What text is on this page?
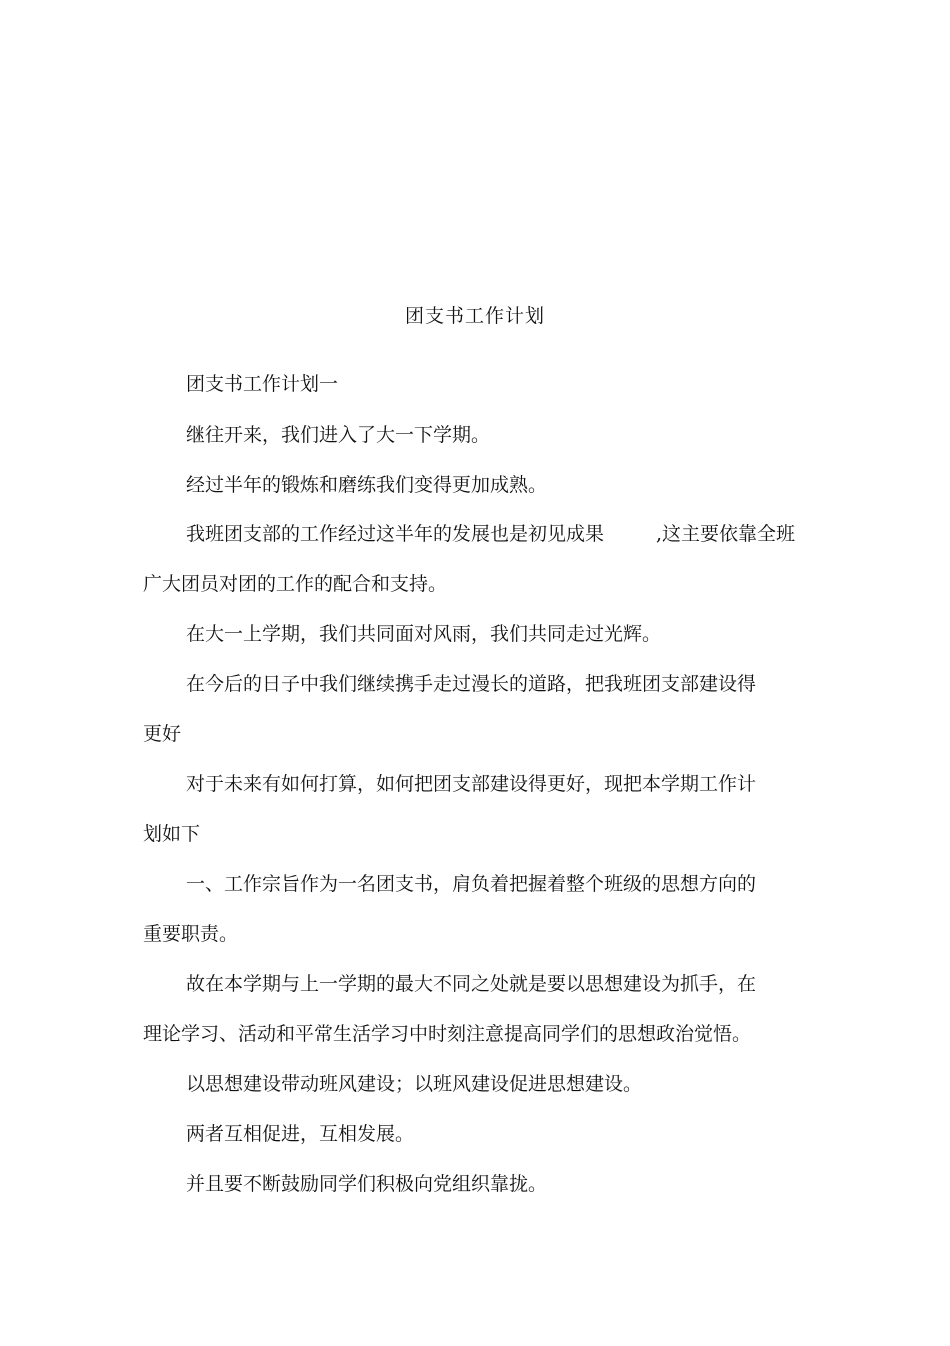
团支书工作计划

团支书工作计划一

继往开来，我们进入了大一下学期。

经过半年的锻炼和磨练我们变得更加成熟。

我班团支部的工作经过这半年的发展也是初见成果	,这主要依靠全班

广大团员对团的工作的配合和支持。

在大一上学期，我们共同面对风雨，我们共同走过光辉。

在今后的日子中我们继续携手走过漫长的道路，把我班团支部建设得

更好

对于未来有如何打算，如何把团支部建设得更好，现把本学期工作计

划如下

一、工作宗旨作为一名团支书，肩负着把握着整个班级的思想方向的

重要职责。

故在本学期与上一学期的最大不同之处就是要以思想建设为抓手，在

理论学习、活动和平常生活学习中时刻注意提高同学们的思想政治觉悟。

以思想建设带动班风建设；以班风建设促进思想建设。

两者互相促进，互相发展。

并且要不断鼓励同学们积极向党组织靠拢。
